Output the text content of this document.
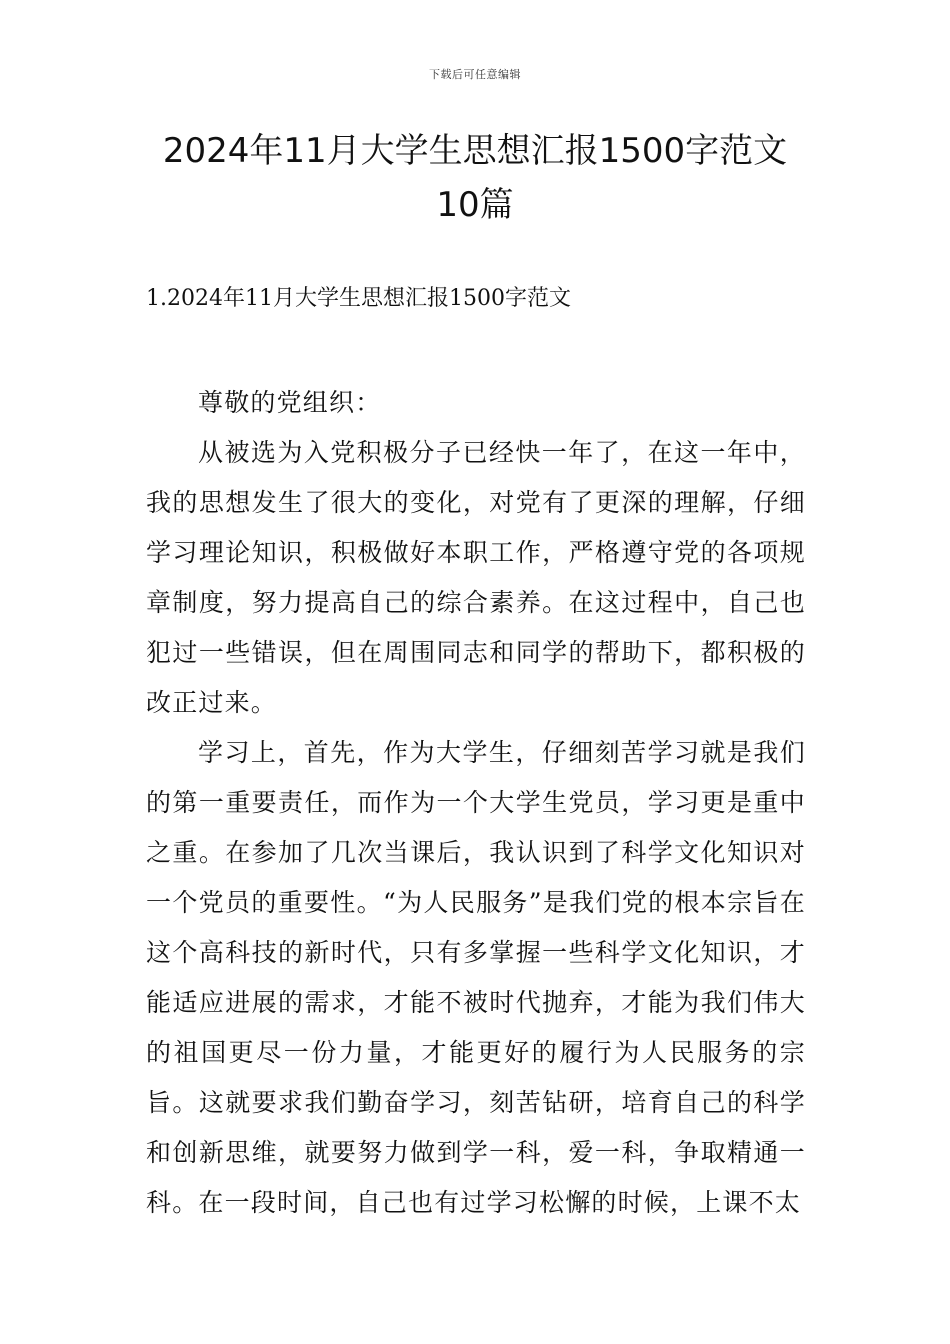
下载后可任意编辑
2024年11月大学生思想汇报1500字范文
10篇
1.2024年11月大学生思想汇报1500字范文

尊敬的党组织：

从被选为入党积极分子已经快一年了，在这一年中，我的思想发生了很大的变化，对党有了更深的理解，仔细学习理论知识，积极做好本职工作，严格遵守党的各项规章制度，努力提高自己的综合素养。在这过程中，自己也犯过一些错误，但在周围同志和同学的帮助下，都积极的改正过来。

学习上，首先，作为大学生，仔细刻苦学习就是我们的第一重要责任，而作为一个大学生党员，学习更是重中之重。在参加了几次当课后，我认识到了科学文化知识对一个党员的重要性。“为人民服务”是我们党的根本宗旨在这个高科技的新时代，只有多掌握一些科学文化知识，才能适应进展的需求，才能不被时代抛弃，才能为我们伟大的祖国更尽一份力量，才能更好的履行为人民服务的宗旨。这就要求我们勤奋学习，刻苦钻研，培育自己的科学和创新思维，就要努力做到学一科，爱一科，争取精通一科。在一段时间，自己也有过学习松懈的时候，上课不太
